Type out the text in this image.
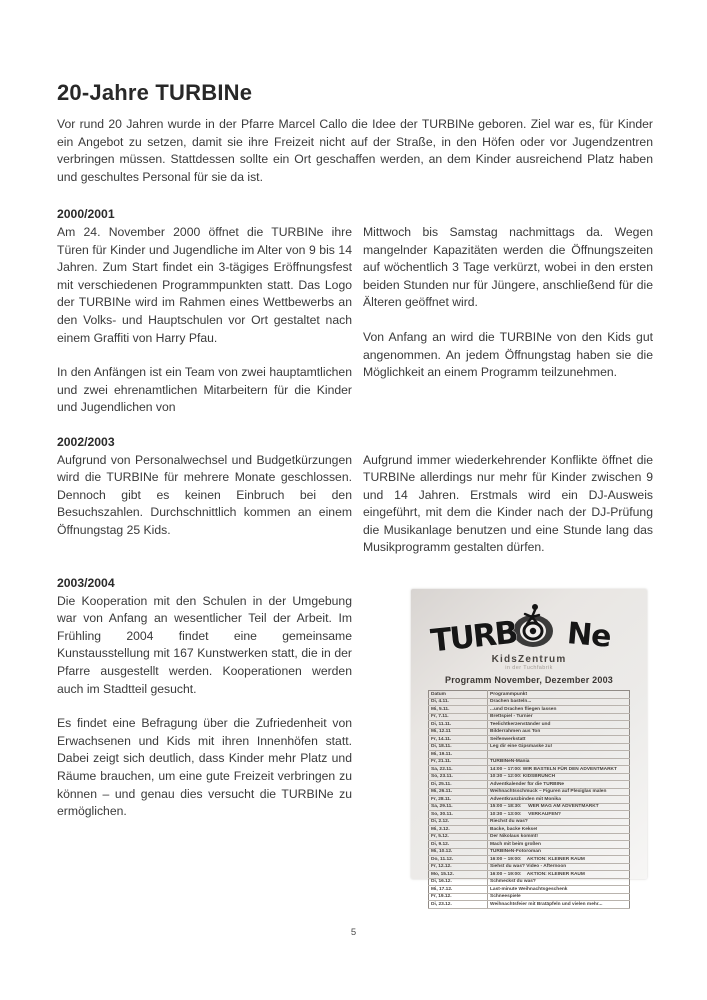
20-Jahre TURBINe

Vor rund 20 Jahren wurde in der Pfarre Marcel Callo die Idee der TURBINe geboren. Ziel war es, für Kinder ein Angebot zu setzen, damit sie ihre Freizeit nicht auf der Straße, in den Höfen oder vor Jugendzentren verbringen müssen. Stattdessen sollte ein Ort geschaffen werden, an dem Kinder ausreichend Platz haben und geschultes Personal für sie da ist.

2000/2001

Am 24. November 2000 öffnet die TURBINe ihre Türen für Kinder und Jugendliche im Alter von 9 bis 14 Jahren. Zum Start findet ein 3-tägiges Eröffnungsfest mit verschiedenen Programmpunkten statt. Das Logo der TURBINe wird im Rahmen eines Wettbewerbs an den Volks- und Hauptschulen vor Ort gestaltet nach einem Graffiti von Harry Pfau.

In den Anfängen ist ein Team von zwei hauptamtlichen und zwei ehrenamtlichen Mitarbeitern für die Kinder und Jugendlichen von

Mittwoch bis Samstag nachmittags da. Wegen mangelnder Kapazitäten werden die Öffnungszeiten auf wöchentlich 3 Tage verkürzt, wobei in den ersten beiden Stunden nur für Jüngere, anschließend für die Älteren geöffnet wird.

Von Anfang an wird die TURBINe von den Kids gut angenommen. An jedem Öffnungstag haben sie die Möglichkeit an einem Programm teilzunehmen.

2002/2003

Aufgrund von Personalwechsel und Budgetkürzungen wird die TURBINe für mehrere Monate geschlossen. Dennoch gibt es keinen Einbruch bei den Besuchszahlen. Durchschnittlich kommen an einem Öffnungstag 25 Kids.

Aufgrund immer wiederkehrender Konflikte öffnet die TURBINe allerdings nur mehr für Kinder zwischen 9 und 14 Jahren. Erstmals wird ein DJ-Ausweis eingeführt, mit dem die Kinder nach der DJ-Prüfung die Musikanlage benutzen und eine Stunde lang das Musikprogramm gestalten dürfen.

2003/2004

Die Kooperation mit den Schulen in der Umgebung war von Anfang an wesentlicher Teil der Arbeit. Im Frühling 2004 findet eine gemeinsame Kunstausstellung mit 167 Kunstwerken statt, die in der Pfarre ausgestellt werden. Kooperationen werden auch im Stadtteil gesucht.

Es findet eine Befragung über die Zufriedenheit von Erwachsenen und Kids mit ihren Innenhöfen statt. Dabei zeigt sich deutlich, dass Kinder mehr Platz und Räume brauchen, um eine gute Freizeit verbringen zu können – und genau dies versucht die TURBINe zu ermöglichen.

TURB Ne
KidsZentrum
in der Tuchfabrik
Programm November, Dezember 2003
Datum	Programmpunkt
Di, 4.11.	Drachen basteln...
Mi, 5.11.	...und Drachen fliegen lassen
Fr, 7.11.	Brettspiel - Turnier
Di, 11.11.	Teelichtkerzenständer und
Mi, 12.11	Bilderrahmen aus Ton
Fr, 14.11.	Seifenwerkstatt
Di, 18.11.	Leg dir eine Gipsmaske zu!
Mi, 19.11.	
Fr, 21.11.	TURBINeN-Mania
Sa, 22.11.	14:00 – 17:00: WIR BASTELN FÜR DEN ADVENTMARKT
So, 23.11.	10:30 – 12:00: KIDSBRUNCH
Di, 25.11.	Adventkalender für die TURBINe
Mi, 26.11.	Weihnachtsschmuck – Figuren auf Plexiglas malen
Fr, 28.11.	Adventkranzbinden mit Monika
Sa, 29.11.	15:00 – 18:30:     WER MAG AM ADVENTMARKT
So, 30.11.	10:30 – 13:00:     VERKAUFEN?
Di, 2.12.	Riechst du was?
Mi, 3.12.	Backe, backe Kekse!
Fr, 5.12.	Der Nikolaus kommt!
Di, 9.12.	Mach mit beim großen
Mi, 10.12.	TURBINeN-Fotoroman
Do, 11.12.	16:00 – 19:00:    AKTION: KLEINER RAUM
Fr, 12.12.	Siehst du was? Video - Afternoon
Mo, 15.12.	16:00 – 19:00:    AKTION: KLEINER RAUM
Di, 16.12.	Schmeckst du was?
Mi, 17.12.	Last-minute Weihnachtsgeschenk
Fr, 19.12.	Schneespiele
Di, 23.12.	Weihnachtsfeier mit Bratäpfeln und vielen mehr...
5
